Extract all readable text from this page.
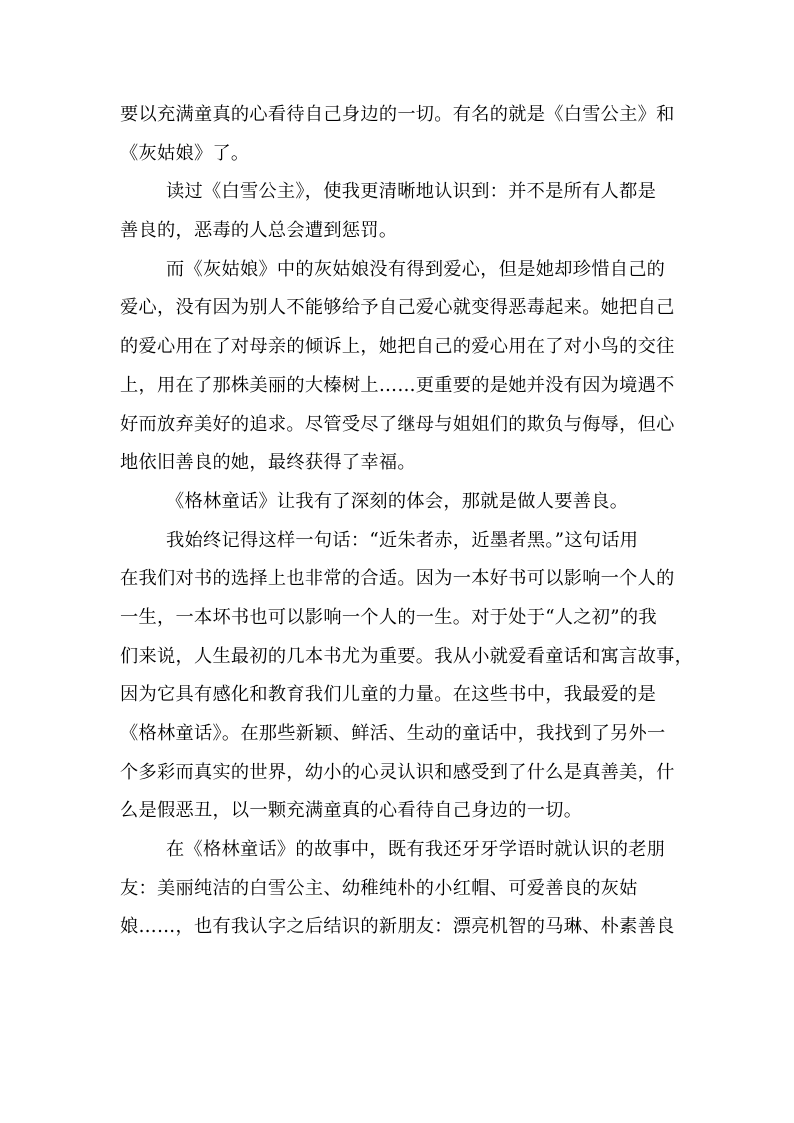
要以充满童真的心看待自己身边的一切。有名的就是《白雪公主》和
《灰姑娘》了。

读过《白雪公主》，使我更清晰地认识到：并不是所有人都是
善良的，恶毒的人总会遭到惩罚。

而《灰姑娘》中的灰姑娘没有得到爱心，但是她却珍惜自己的
爱心，没有因为别人不能够给予自己爱心就变得恶毒起来。她把自己
的爱心用在了对母亲的倾诉上，她把自己的爱心用在了对小鸟的交往
上，用在了那株美丽的大榛树上……更重要的是她并没有因为境遇不
好而放弃美好的追求。尽管受尽了继母与姐姐们的欺负与侮辱，但心
地依旧善良的她，最终获得了幸福。

《格林童话》让我有了深刻的体会，那就是做人要善良。

我始终记得这样一句话：“近朱者赤，近墨者黑。”这句话用
在我们对书的选择上也非常的合适。因为一本好书可以影响一个人的
一生，一本坏书也可以影响一个人的一生。对于处于“人之初”的我
们来说，人生最初的几本书尤为重要。我从小就爱看童话和寓言故事，
因为它具有感化和教育我们儿童的力量。在这些书中，我最爱的是
《格林童话》。在那些新颖、鲜活、生动的童话中，我找到了另外一
个多彩而真实的世界，幼小的心灵认识和感受到了什么是真善美，什
么是假恶丑，以一颗充满童真的心看待自己身边的一切。

在《格林童话》的故事中，既有我还牙牙学语时就认识的老朋
友：美丽纯洁的白雪公主、幼稚纯朴的小红帽、可爱善良的灰姑
娘……，也有我认字之后结识的新朋友：漂亮机智的马琳、朴素善良
